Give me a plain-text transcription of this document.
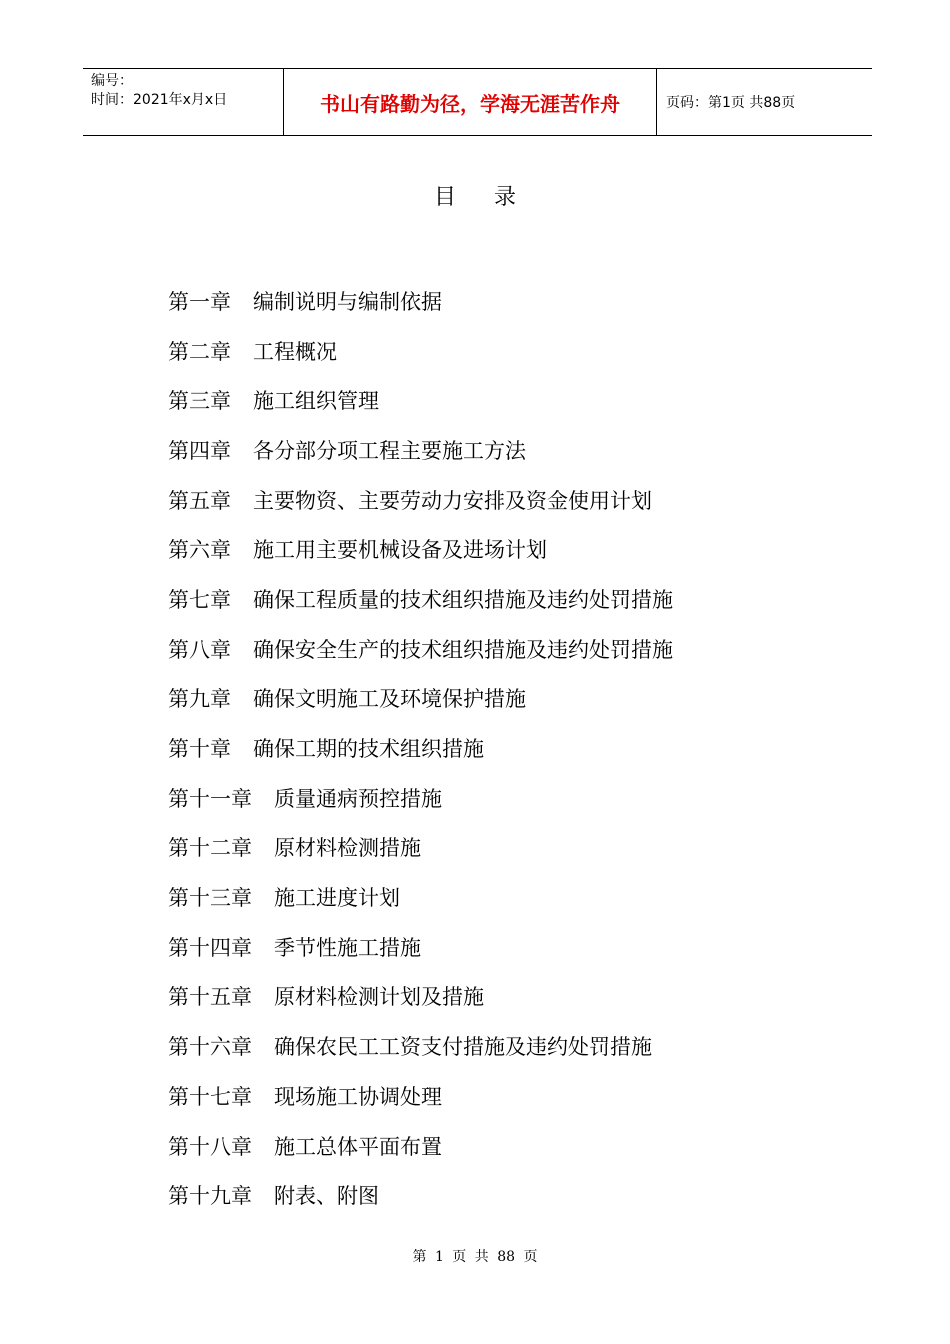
编号：
时间：2021年x月x日	书山有路勤为径，学海无涯苦作舟	页码：第1页 共88页
目录
第一章 编制说明与编制依据
第二章 工程概况
第三章 施工组织管理
第四章 各分部分项工程主要施工方法
第五章 主要物资、主要劳动力安排及资金使用计划
第六章 施工用主要机械设备及进场计划
第七章 确保工程质量的技术组织措施及违约处罚措施
第八章 确保安全生产的技术组织措施及违约处罚措施
第九章 确保文明施工及环境保护措施
第十章 确保工期的技术组织措施
第十一章 质量通病预控措施
第十二章 原材料检测措施
第十三章 施工进度计划
第十四章 季节性施工措施
第十五章 原材料检测计划及措施
第十六章 确保农民工工资支付措施及违约处罚措施
第十七章 现场施工协调处理
第十八章 施工总体平面布置
第十九章 附表、附图
第 1 页 共 88 页
